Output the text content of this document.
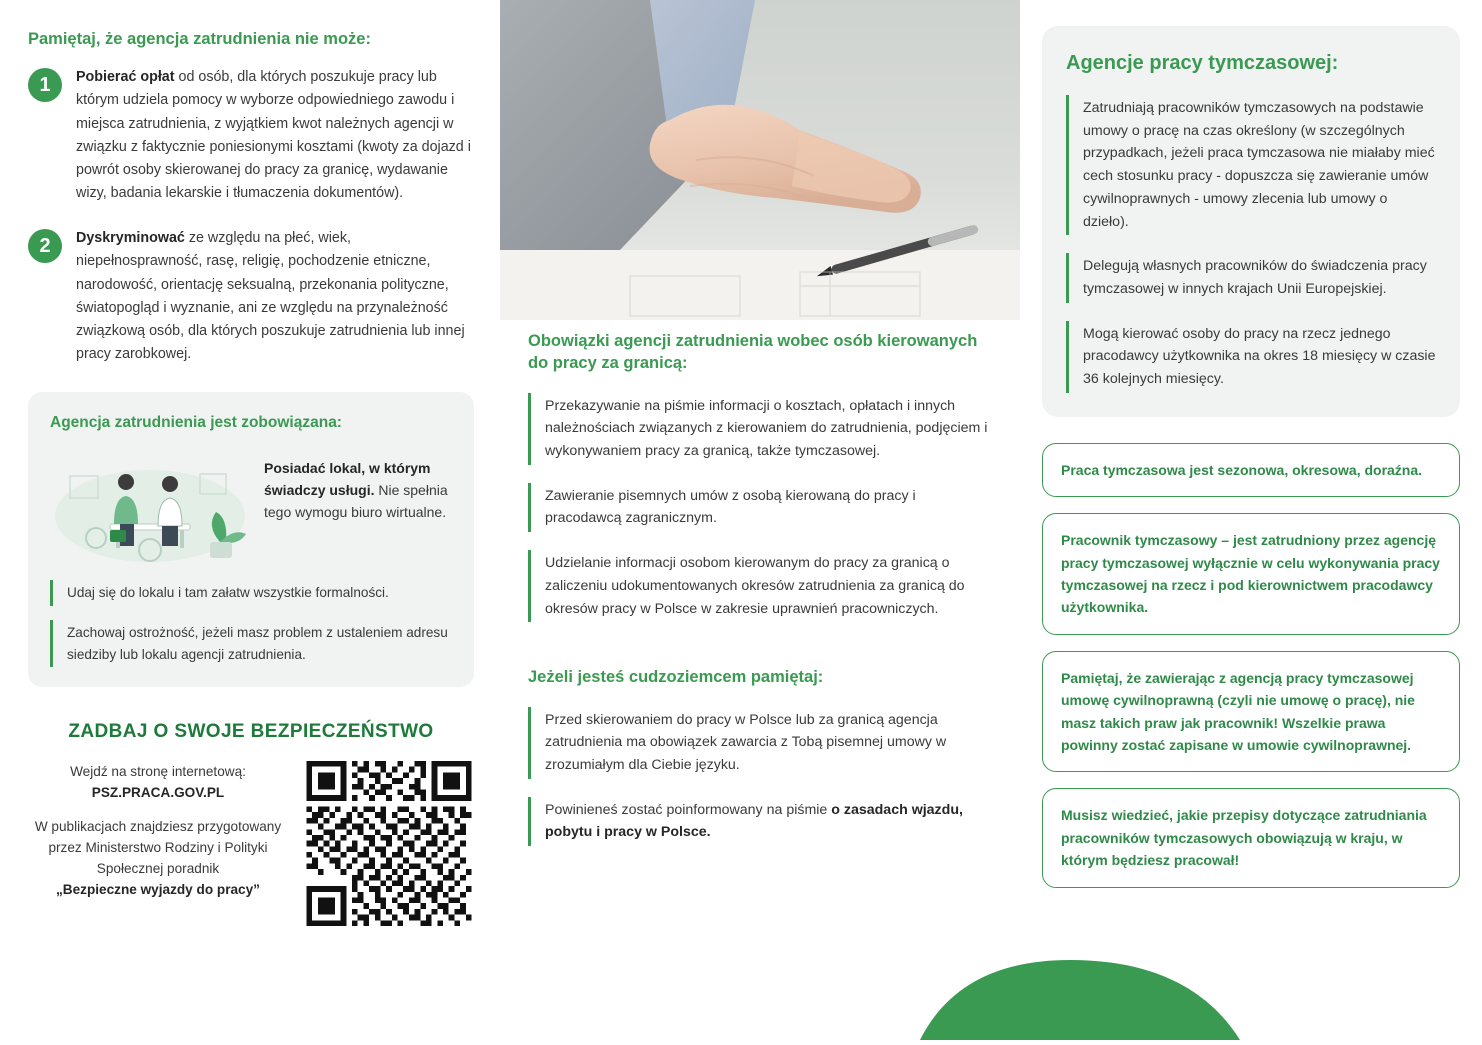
Pamiętaj, że agencja zatrudnienia nie może:
1	Pobierać opłat od osób, dla których poszukuje pracy lub którym udziela pomocy w wyborze odpowiedniego zawodu i miejsca zatrudnienia, z wyjątkiem kwot należnych agencji w związku z faktycznie poniesionymi kosztami (kwoty za dojazd i powrót osoby skierowanej do pracy za granicę, wydawanie wizy, badania lekarskie i tłumaczenia dokumentów).
2	Dyskryminować ze względu na płeć, wiek, niepełnosprawność, rasę, religię, pochodzenie etniczne, narodowość, orientację seksualną, przekonania polityczne, światopogląd i wyznanie, ani ze względu na przynależność związkową osób, dla których poszukuje zatrudnienia lub innej pracy zarobkowej.
Agencja zatrudnienia jest zobowiązana:
Posiadać lokal, w którym świadczy usługi. Nie spełnia tego wymogu biuro wirtualne.
Udaj się do lokalu i tam załatw wszystkie formalności.
Zachowaj ostrożność, jeżeli masz problem z ustaleniem adresu siedziby lub lokalu agencji zatrudnienia.
ZADBAJ O SWOJE BEZPIECZEŃSTWO
Wejdź na stronę internetową:
PSZ.PRACA.GOV.PL
W publikacjach znajdziesz przygotowany przez Ministerstwo Rodziny i Polityki Społecznej poradnik
„Bezpieczne wyjazdy do pracy”
Obowiązki agencji zatrudnienia wobec osób kierowanych do pracy za granicą:
Przekazywanie na piśmie informacji o kosztach, opłatach i innych należnościach związanych z kierowaniem do zatrudnienia, podjęciem i wykonywaniem pracy za granicą, także tymczasowej.
Zawieranie pisemnych umów z osobą kierowaną do pracy i pracodawcą zagranicznym.
Udzielanie informacji osobom kierowanym do pracy za granicą o zaliczeniu udokumentowanych okresów zatrudnienia za granicą do okresów pracy w Polsce w zakresie uprawnień pracowniczych.
Jeżeli jesteś cudzoziemcem pamiętaj:
Przed skierowaniem do pracy w Polsce lub za granicą agencja zatrudnienia ma obowiązek zawarcia z Tobą pisemnej umowy w zrozumiałym dla Ciebie języku.
Powinieneś zostać poinformowany na piśmie o zasadach wjazdu, pobytu i pracy w Polsce.
Agencje pracy tymczasowej:
Zatrudniają pracowników tymczasowych na podstawie umowy o pracę na czas określony (w szczególnych przypadkach, jeżeli praca tymczasowa nie miałaby mieć cech stosunku pracy - dopuszcza się zawieranie umów cywilnoprawnych - umowy zlecenia lub umowy o dzieło).
Delegują własnych pracowników do świadczenia pracy tymczasowej w innych krajach Unii Europejskiej.
Mogą kierować osoby do pracy na rzecz jednego pracodawcy użytkownika na okres 18 miesięcy w czasie 36 kolejnych miesięcy.
Praca tymczasowa jest sezonowa, okresowa, doraźna.
Pracownik tymczasowy – jest zatrudniony przez agencję pracy tymczasowej wyłącznie w celu wykonywania pracy tymczasowej na rzecz i pod kierownictwem pracodawcy użytkownika.
Pamiętaj, że zawierając z agencją pracy tymczasowej umowę cywilnoprawną (czyli nie umowę o pracę), nie masz takich praw jak pracownik! Wszelkie prawa powinny zostać zapisane w umowie cywilnoprawnej.
Musisz wiedzieć, jakie przepisy dotyczące zatrudniania pracowników tymczasowych obowiązują w kraju, w którym będziesz pracował!
